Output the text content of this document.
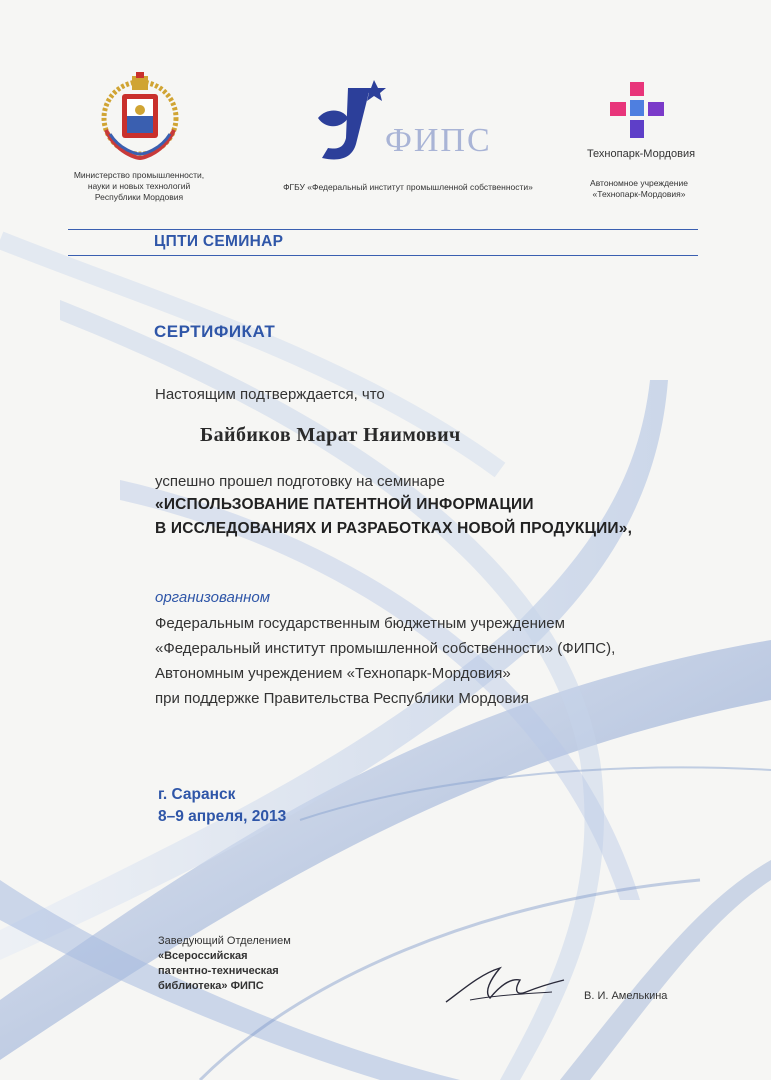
Министерство промышленности,
науки и новых технологий
Республики Мордовия
ФИПС
ФГБУ «Федеральный институт промышленной собственности»
Технопарк-Мордовия
Автономное учреждение
«Технопарк-Мордовия»
ЦПТИ СЕМИНАР
СЕРТИФИКАТ
Настоящим подтверждается, что
Байбиков Марат Няимович
успешно прошел подготовку на семинаре
«ИСПОЛЬЗОВАНИЕ ПАТЕНТНОЙ ИНФОРМАЦИИ
В ИССЛЕДОВАНИЯХ И РАЗРАБОТКАХ НОВОЙ ПРОДУКЦИИ»,
организованном
Федеральным государственным бюджетным учреждением
«Федеральный институт промышленной собственности» (ФИПС),
Автономным учреждением «Технопарк-Мордовия»
при поддержке Правительства Республики Мордовия
г. Саранск
8–9 апреля, 2013
Заведующий Отделением
«Всероссийская
патентно-техническая
библиотека» ФИПС
В. И. Амелькина
